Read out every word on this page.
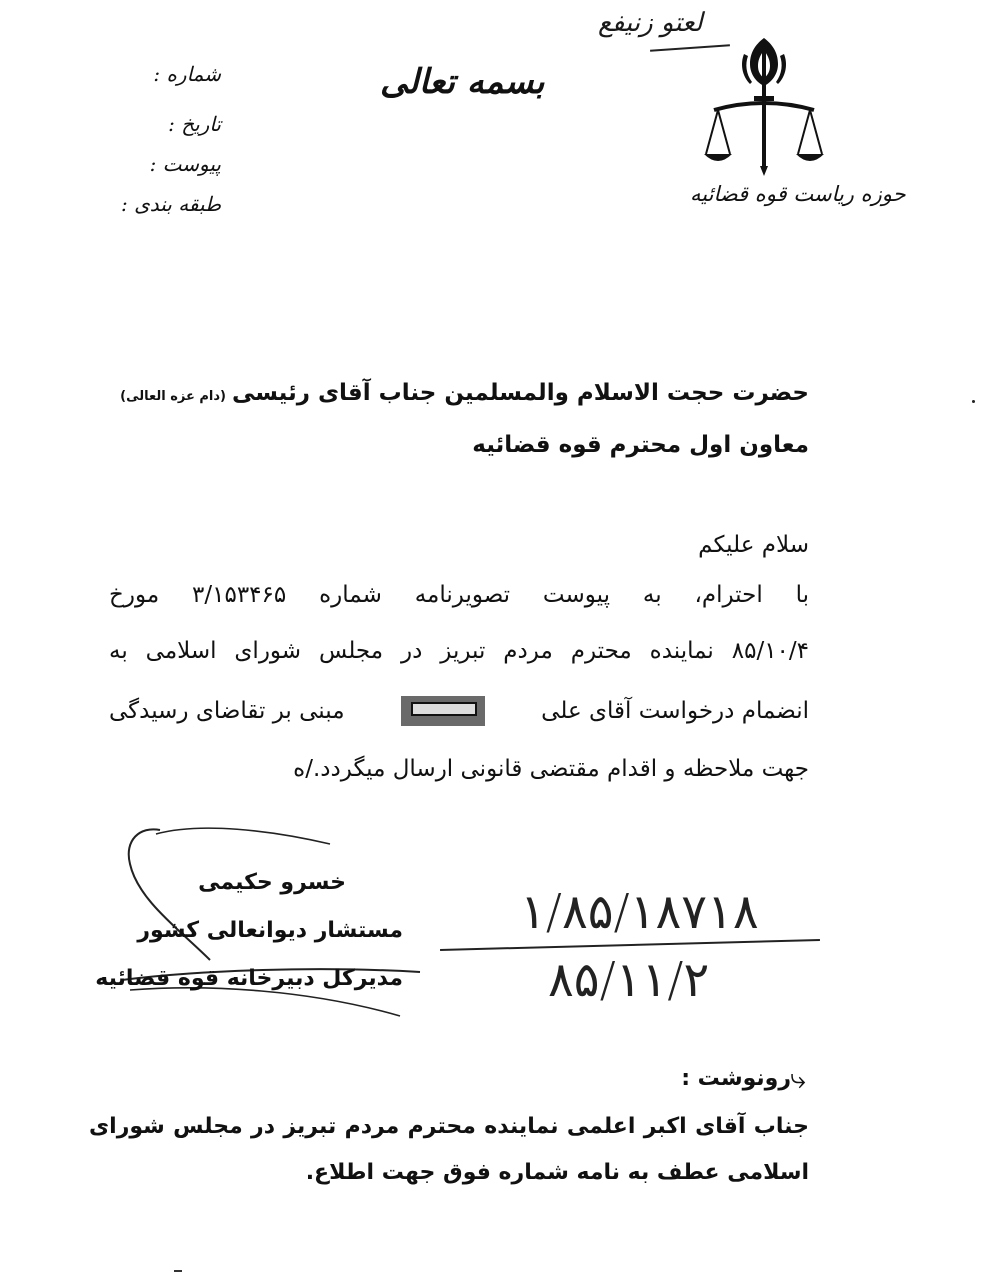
لعتو زنیفع
حوزه ریاست قوه قضائیه
بسمه تعالی
شماره :
تاریخ :
پیوست :
طبقه بندی :
حضرت حجت الاسلام والمسلمین جناب آقای رئیسی(دام عزه العالی)
معاون اول محترم قوه قضائیه
سلام علیکم
با احترام، به پیوست تصویرنامه شماره ۳/۱۵۳۴۶۵ مورخ
۸۵/۱۰/۴ نماینده محترم مردم تبریز در مجلس شورای اسلامی به
انضمام درخواست آقای علی
مبنی بر تقاضای رسیدگی
جهت ملاحظه و اقدام مقتضی قانونی ارسال میگردد./ه
خسرو حکیمی
مستشار دیوانعالی کشور
مدیرکل دبیرخانه قوه قضائیه
۱/۸۵/۱۸۷۱۸
۸۵/۱۱/۲
⤷
رونوشت :
جناب آقای اکبر اعلمی نماینده محترم مردم تبریز در مجلس شورای
اسلامی عطف به نامه شماره فوق جهت اطلاع.
